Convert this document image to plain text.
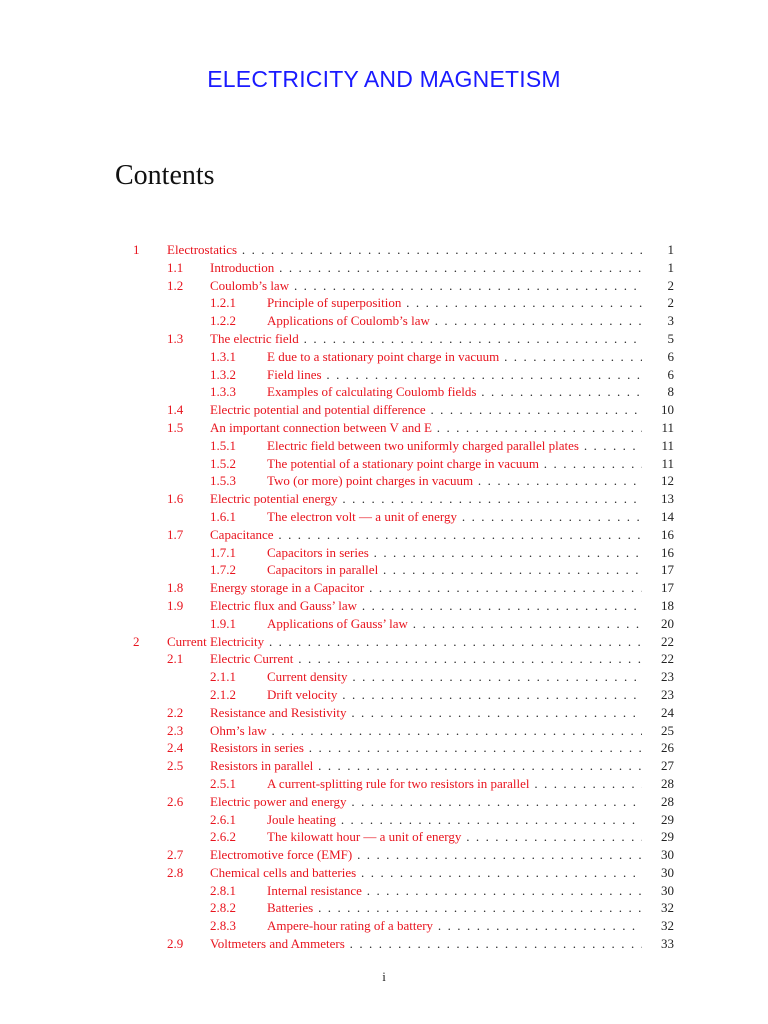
ELECTRICITY AND MAGNETISM
Contents
1 Electrostatics . . .	1
1.1 Introduction . . .	1
1.2 Coulomb’s law . . .	2
1.2.1 Principle of superposition . . .	2
1.2.2 Applications of Coulomb’s law . . .	3
1.3 The electric field . . .	5
1.3.1 E due to a stationary point charge in vacuum . . .	6
1.3.2 Field lines . . .	6
1.3.3 Examples of calculating Coulomb fields . . .	8
1.4 Electric potential and potential difference . . .	10
1.5 An important connection between V and E . . .	11
1.5.1 Electric field between two uniformly charged parallel plates . . .	11
1.5.2 The potential of a stationary point charge in vacuum . . .	11
1.5.3 Two (or more) point charges in vacuum . . .	12
1.6 Electric potential energy . . .	13
1.6.1 The electron volt — a unit of energy . . .	14
1.7 Capacitance . . .	16
1.7.1 Capacitors in series . . .	16
1.7.2 Capacitors in parallel . . .	17
1.8 Energy storage in a Capacitor . . .	17
1.9 Electric flux and Gauss’ law . . .	18
1.9.1 Applications of Gauss’ law . . .	20
2 Current Electricity . . .	22
2.1 Electric Current . . .	22
2.1.1 Current density . . .	23
2.1.2 Drift velocity . . .	23
2.2 Resistance and Resistivity . . .	24
2.3 Ohm’s law . . .	25
2.4 Resistors in series . . .	26
2.5 Resistors in parallel . . .	27
2.5.1 A current-splitting rule for two resistors in parallel . . .	28
2.6 Electric power and energy . . .	28
2.6.1 Joule heating . . .	29
2.6.2 The kilowatt hour — a unit of energy . . .	29
2.7 Electromotive force (EMF) . . .	30
2.8 Chemical cells and batteries . . .	30
2.8.1 Internal resistance . . .	30
2.8.2 Batteries . . .	32
2.8.3 Ampere-hour rating of a battery . . .	32
2.9 Voltmeters and Ammeters . . .	33
i
